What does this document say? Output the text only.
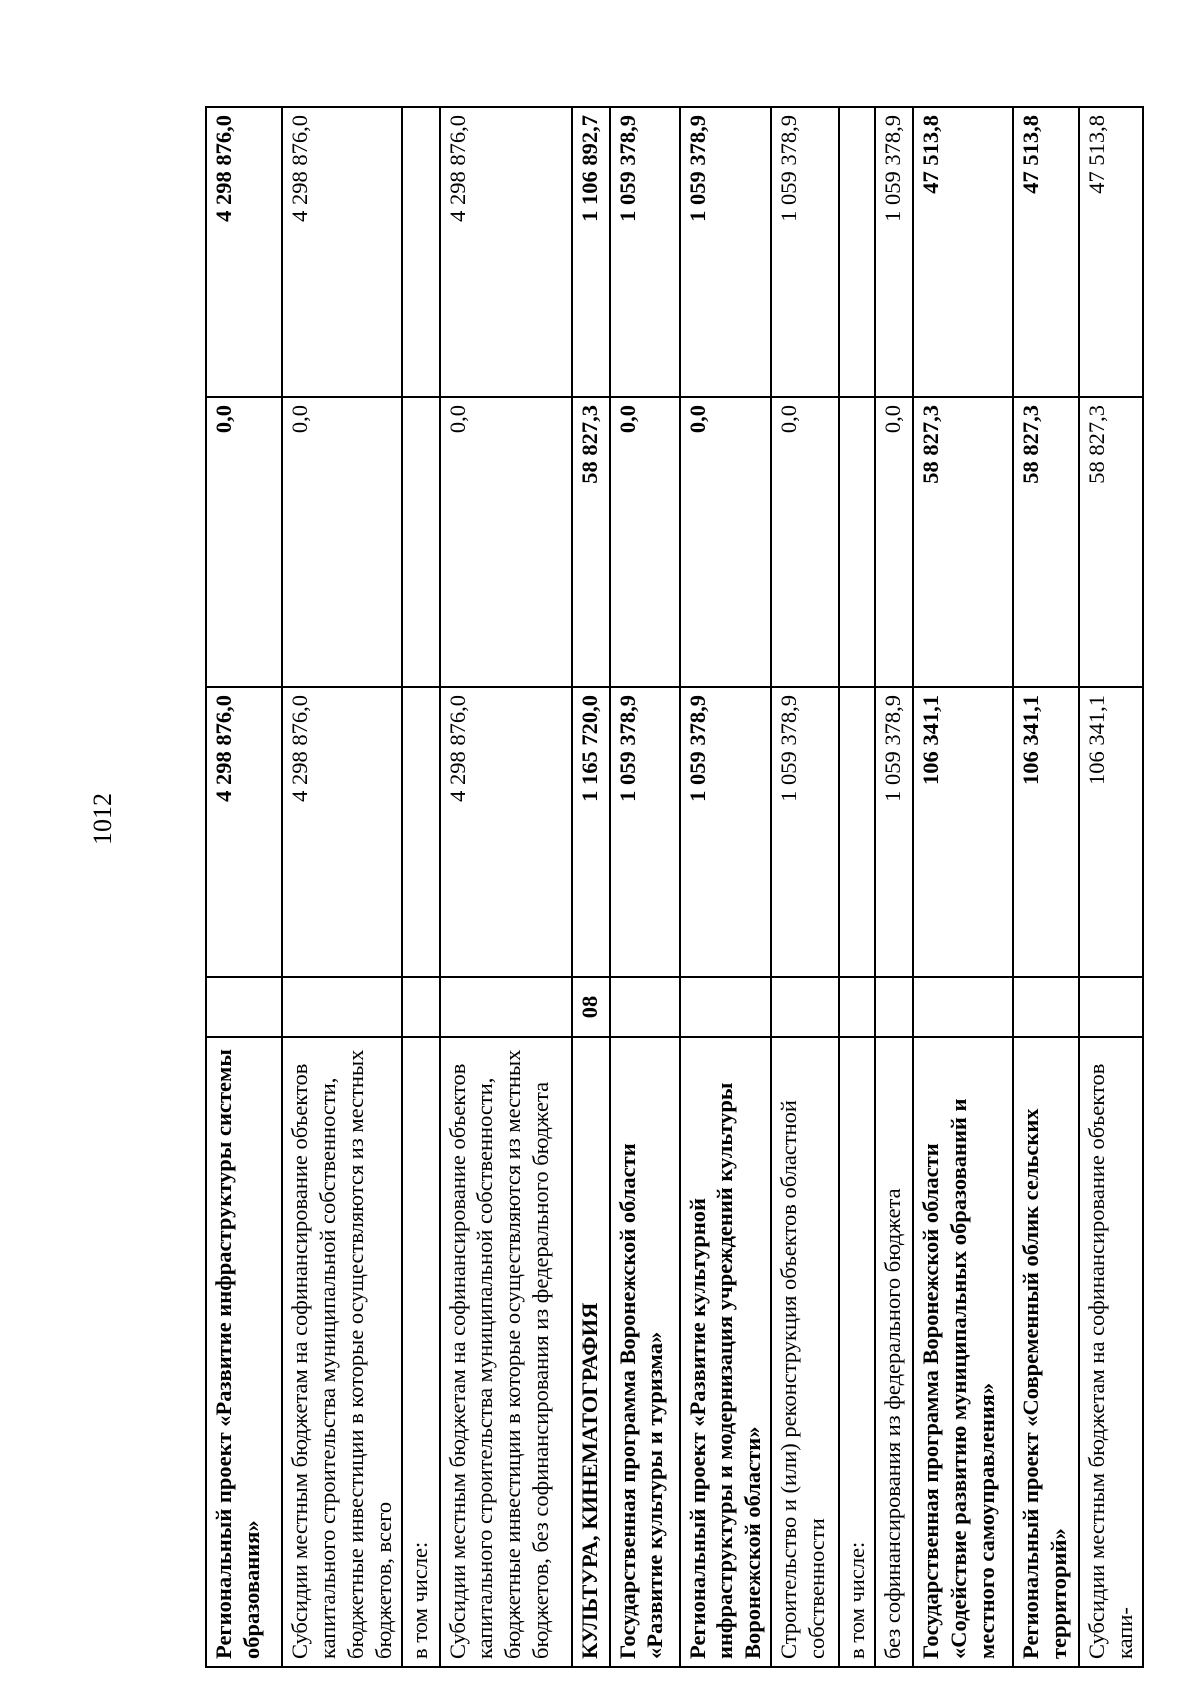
1012
Региональный проект «Развитие инфраструктуры системы образования»		4 298 876,0	0,0	4 298 876,0
Субсидии местным бюджетам на софинансирование объектов капитального строительства муниципальной собственности, бюджетные инвестиции в которые осуществляются из местных бюджетов, всего		4 298 876,0	0,0	4 298 876,0
в том числе:				
Субсидии местным бюджетам на софинансирование объектов капитального строительства муниципальной собственности, бюджетные инвестиции в которые осуществляются из местных бюджетов, без софинансирования из федерального бюджета		4 298 876,0	0,0	4 298 876,0
КУЛЬТУРА, КИНЕМАТОГРАФИЯ	08	1 165 720,0	58 827,3	1 106 892,7
Государственная программа Воронежской области «Развитие культуры и туризма»		1 059 378,9	0,0	1 059 378,9
Региональный проект «Развитие культурной инфраструктуры и модернизация учреждений культуры Воронежской области»		1 059 378,9	0,0	1 059 378,9
Строительство и (или) реконструкция объектов областной собственности		1 059 378,9	0,0	1 059 378,9
в том числе:				
без софинансирования из федерального бюджета		1 059 378,9	0,0	1 059 378,9
Государственная программа Воронежской области «Содействие развитию муниципальных образований и местного самоуправления»		106 341,1	58 827,3	47 513,8
Региональный проект «Современный облик сельских территорий»		106 341,1	58 827,3	47 513,8
Субсидии местным бюджетам на софинансирование объектов капи-		106 341,1	58 827,3	47 513,8
